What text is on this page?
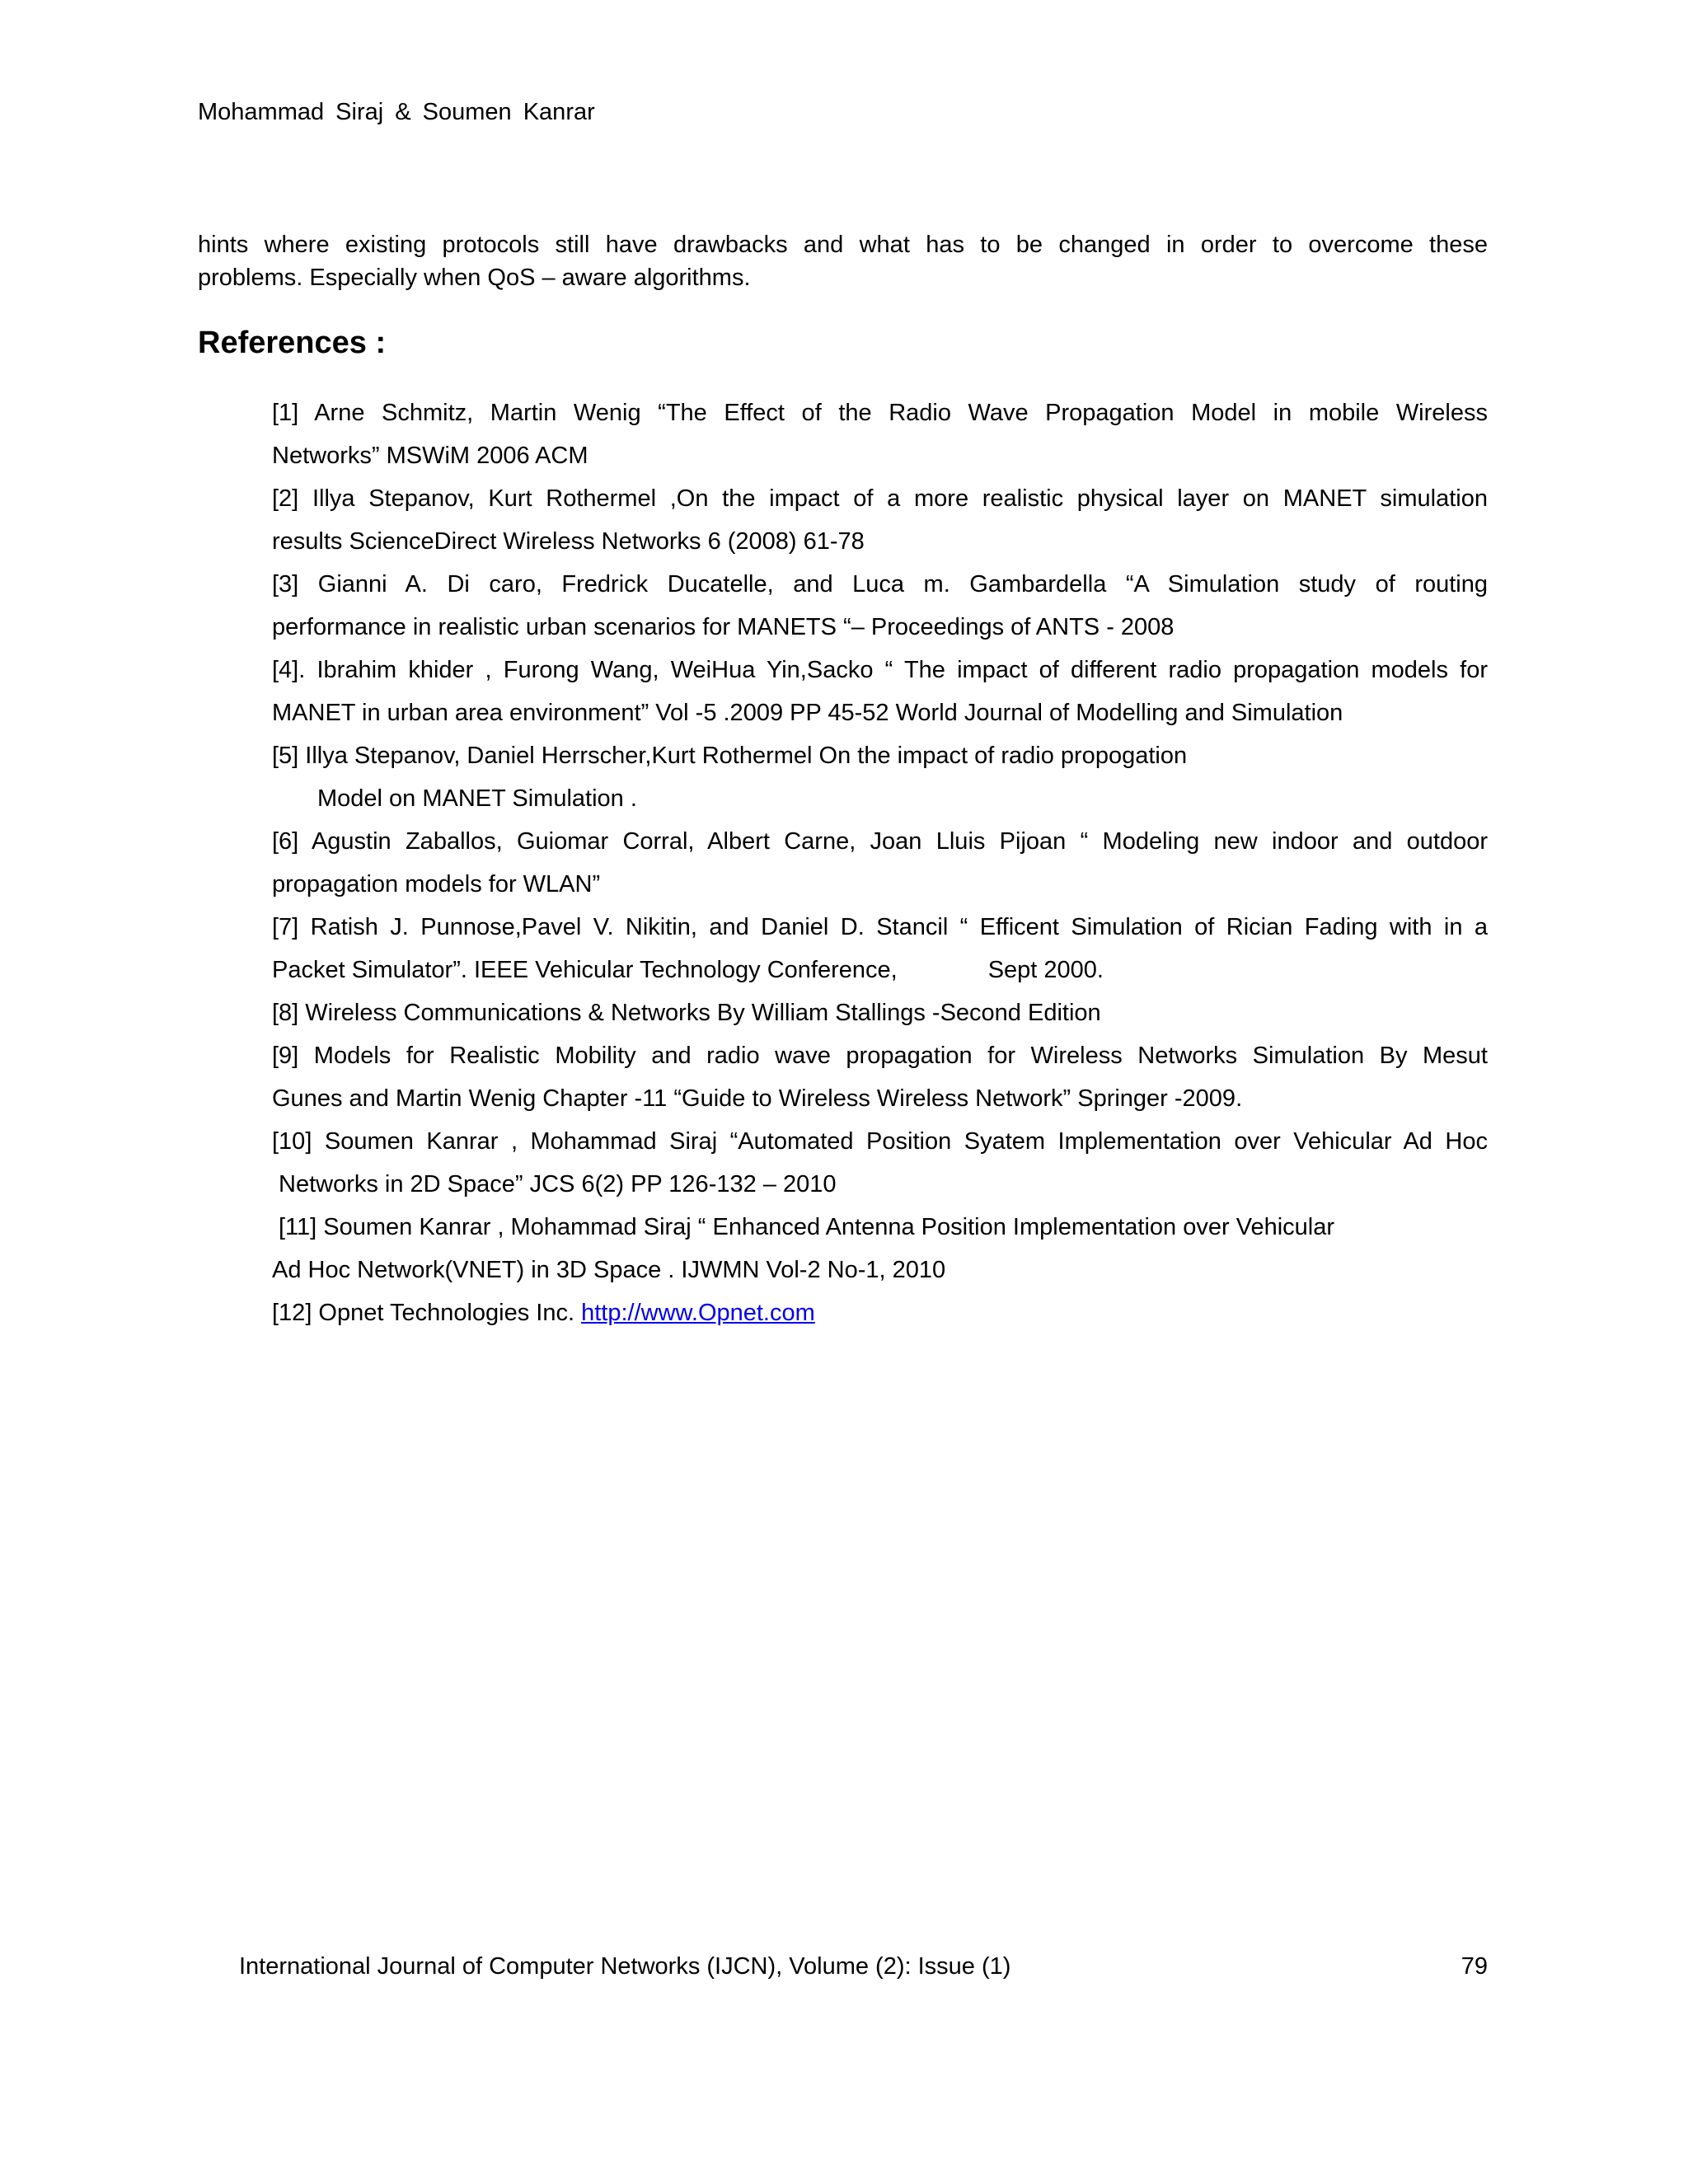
Mohammad Siraj & Soumen Kanrar
hints where existing protocols still have drawbacks and what has to be changed in order to overcome these
problems. Especially when QoS – aware algorithms.
References :
[1] Arne Schmitz, Martin Wenig “The Effect of the Radio Wave Propagation Model in mobile Wireless
Networks” MSWiM 2006 ACM
[2] Illya Stepanov, Kurt Rothermel ,On the impact of a more realistic physical layer on MANET simulation
results ScienceDirect Wireless Networks 6 (2008) 61-78
[3] Gianni A. Di caro, Fredrick Ducatelle, and Luca m. Gambardella “A Simulation study of routing
performance in realistic urban scenarios for MANETS “– Proceedings of ANTS - 2008
[4]. Ibrahim khider , Furong Wang, WeiHua Yin,Sacko “ The impact of different radio propagation models for
MANET in urban area environment” Vol -5 .2009 PP 45-52 World Journal of Modelling and Simulation
[5] Illya Stepanov, Daniel Herrscher,Kurt Rothermel On the impact of radio propogation
Model on MANET Simulation .
[6] Agustin Zaballos, Guiomar Corral, Albert Carne, Joan Lluis Pijoan “ Modeling new indoor and outdoor
propagation models for WLAN”
[7] Ratish J. Punnose,Pavel V. Nikitin, and Daniel D. Stancil “ Efficent Simulation of Rician Fading with in a
Packet Simulator”. IEEE Vehicular Technology Conference,	Sept 2000.
[8] Wireless Communications & Networks By William Stallings -Second Edition
[9] Models for Realistic Mobility and radio wave propagation for Wireless Networks Simulation By Mesut
Gunes and Martin Wenig Chapter -11 “Guide to Wireless Wireless Network” Springer -2009.
[10] Soumen Kanrar , Mohammad Siraj “Automated Position Syatem Implementation over Vehicular Ad Hoc
Networks in 2D Space” JCS 6(2) PP 126-132 – 2010
[11] Soumen Kanrar , Mohammad Siraj “ Enhanced Antenna Position Implementation over Vehicular
Ad Hoc Network(VNET) in 3D Space . IJWMN Vol-2 No-1, 2010
[12] Opnet Technologies Inc. http://www.Opnet.com
International Journal of Computer Networks (IJCN), Volume (2): Issue (1)	79
